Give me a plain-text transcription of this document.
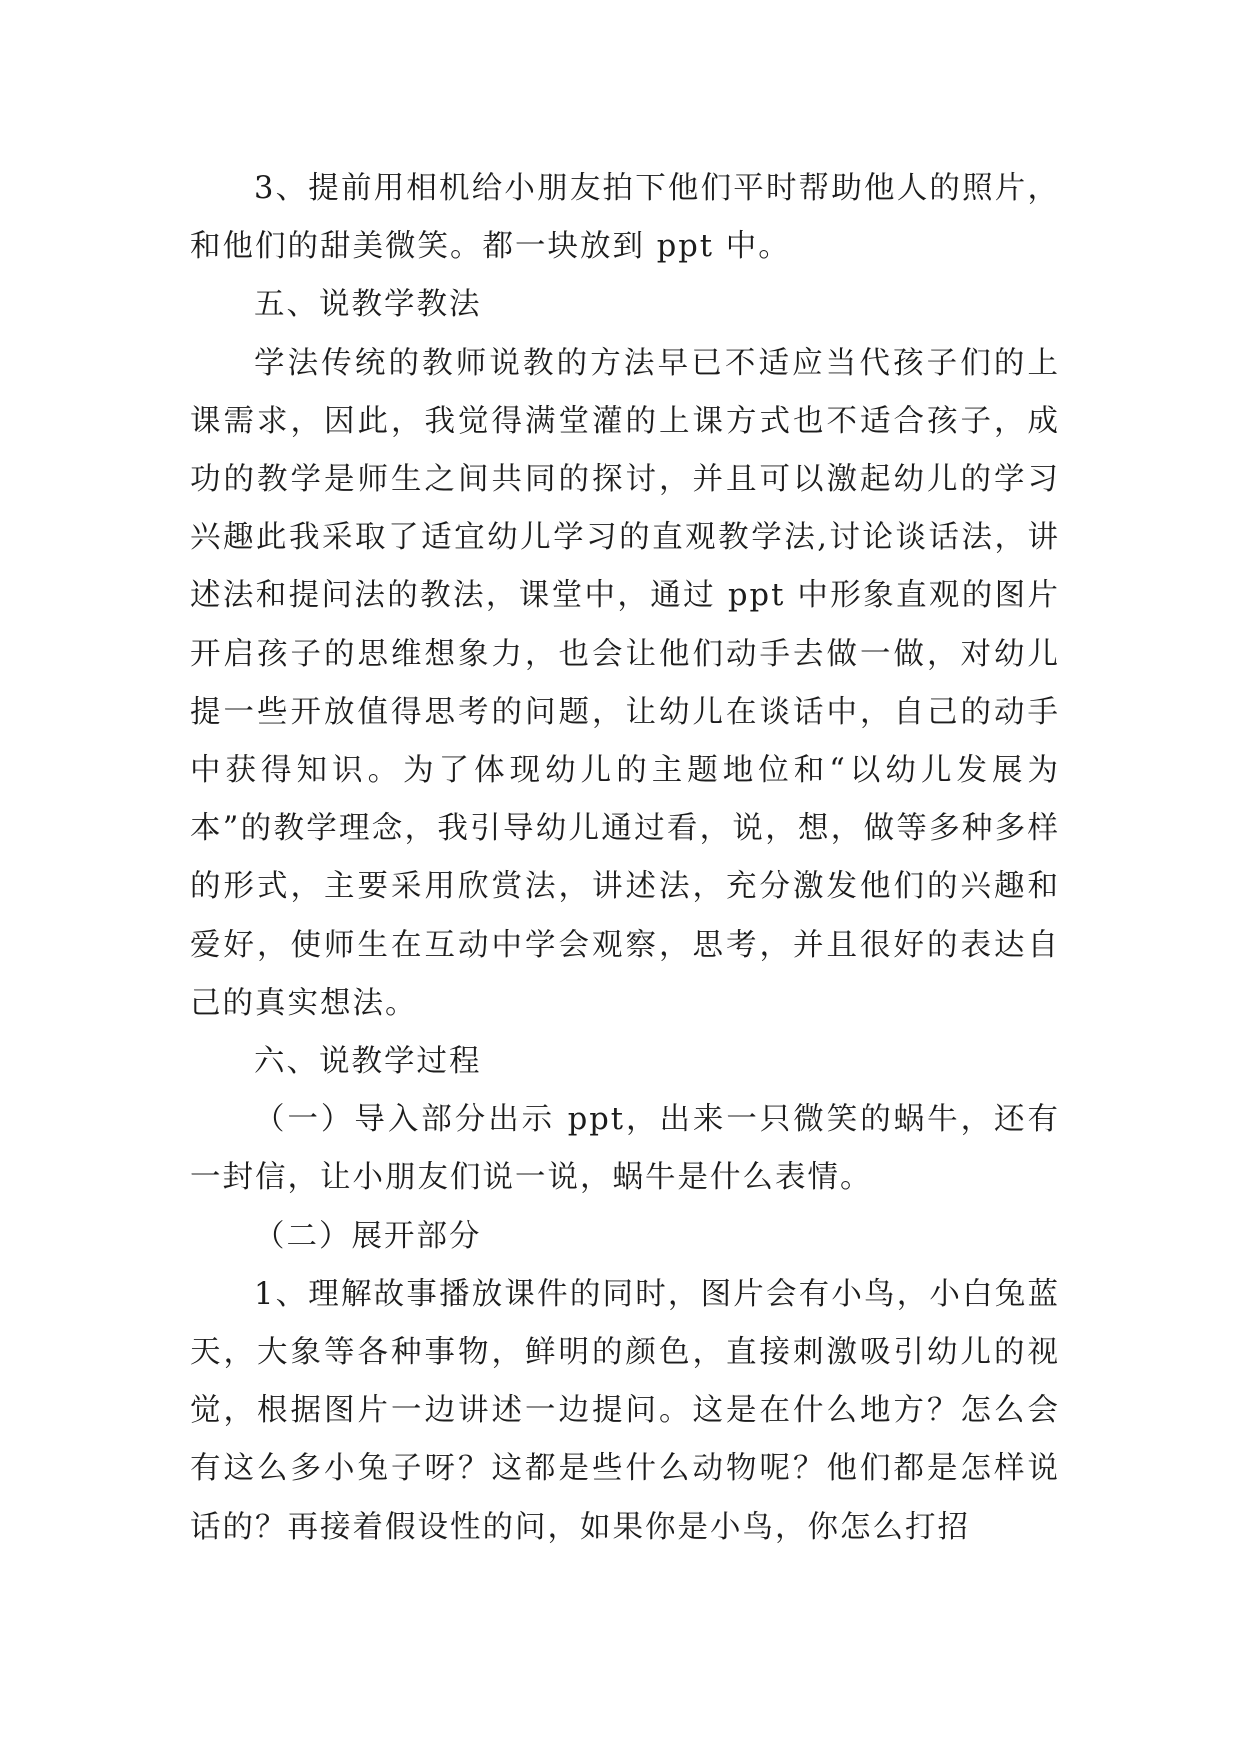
3、提前用相机给小朋友拍下他们平时帮助他人的照片，和他们的甜美微笑。都一块放到 ppt 中。

五、说教学教法

学法传统的教师说教的方法早已不适应当代孩子们的上课需求，因此，我觉得满堂灌的上课方式也不适合孩子，成功的教学是师生之间共同的探讨，并且可以激起幼儿的学习兴趣此我采取了适宜幼儿学习的直观教学法,讨论谈话法，讲述法和提问法的教法，课堂中，通过 ppt 中形象直观的图片开启孩子的思维想象力，也会让他们动手去做一做，对幼儿提一些开放值得思考的问题，让幼儿在谈话中，自己的动手中获得知识。为了体现幼儿的主题地位和“以幼儿发展为本”的教学理念，我引导幼儿通过看，说，想，做等多种多样的形式，主要采用欣赏法，讲述法，充分激发他们的兴趣和爱好，使师生在互动中学会观察，思考，并且很好的表达自己的真实想法。

六、说教学过程

（一）导入部分出示 ppt，出来一只微笑的蜗牛，还有一封信，让小朋友们说一说，蜗牛是什么表情。

（二）展开部分

1、理解故事播放课件的同时，图片会有小鸟，小白兔蓝天，大象等各种事物，鲜明的颜色，直接刺激吸引幼儿的视觉，根据图片一边讲述一边提问。这是在什么地方？怎么会有这么多小兔子呀？这都是些什么动物呢？他们都是怎样说话的？再接着假设性的问，如果你是小鸟，你怎么打招
